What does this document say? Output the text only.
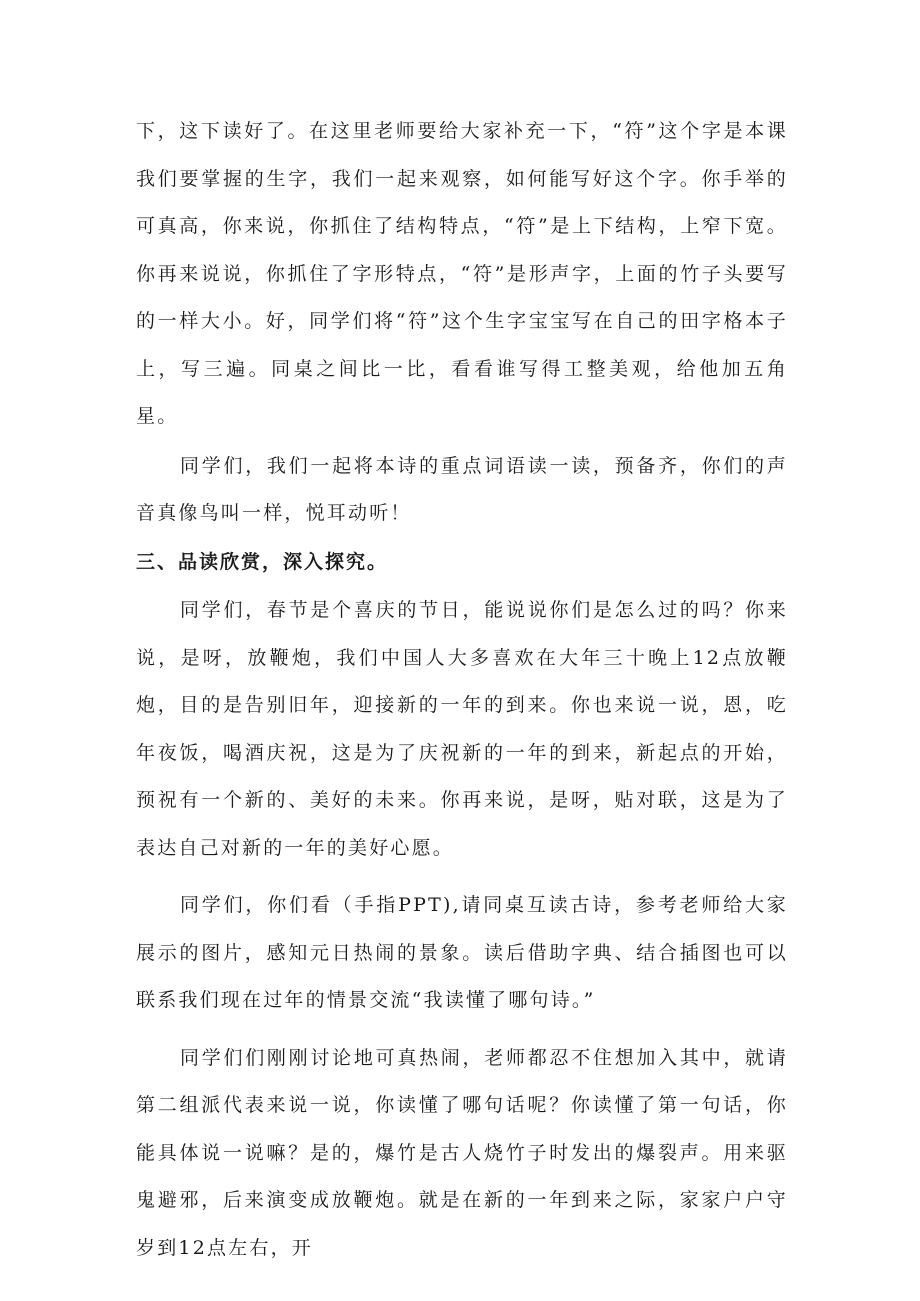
下，这下读好了。在这里老师要给大家补充一下，“符”这个字是本课我们要掌握的生字，我们一起来观察，如何能写好这个字。你手举的可真高，你来说，你抓住了结构特点，“符”是上下结构，上窄下宽。你再来说说，你抓住了字形特点，“符”是形声字，上面的竹子头要写的一样大小。好，同学们将“符”这个生字宝宝写在自己的田字格本子上，写三遍。同桌之间比一比，看看谁写得工整美观，给他加五角星。

同学们，我们一起将本诗的重点词语读一读，预备齐，你们的声音真像鸟叫一样，悦耳动听！

三、品读欣赏，深入探究。

同学们，春节是个喜庆的节日，能说说你们是怎么过的吗？你来说，是呀，放鞭炮，我们中国人大多喜欢在大年三十晚上12点放鞭炮，目的是告别旧年，迎接新的一年的到来。你也来说一说，恩，吃年夜饭，喝酒庆祝，这是为了庆祝新的一年的到来，新起点的开始，预祝有一个新的、美好的未来。你再来说，是呀，贴对联，这是为了表达自己对新的一年的美好心愿。

同学们，你们看（手指PPT),请同桌互读古诗，参考老师给大家展示的图片，感知元日热闹的景象。读后借助字典、结合插图也可以联系我们现在过年的情景交流“我读懂了哪句诗。”

同学们们刚刚讨论地可真热闹，老师都忍不住想加入其中，就请第二组派代表来说一说，你读懂了哪句话呢？你读懂了第一句话，你能具体说一说嘛？是的，爆竹是古人烧竹子时发出的爆裂声。用来驱鬼避邪，后来演变成放鞭炮。就是在新的一年到来之际，家家户户守岁到12点左右，开
